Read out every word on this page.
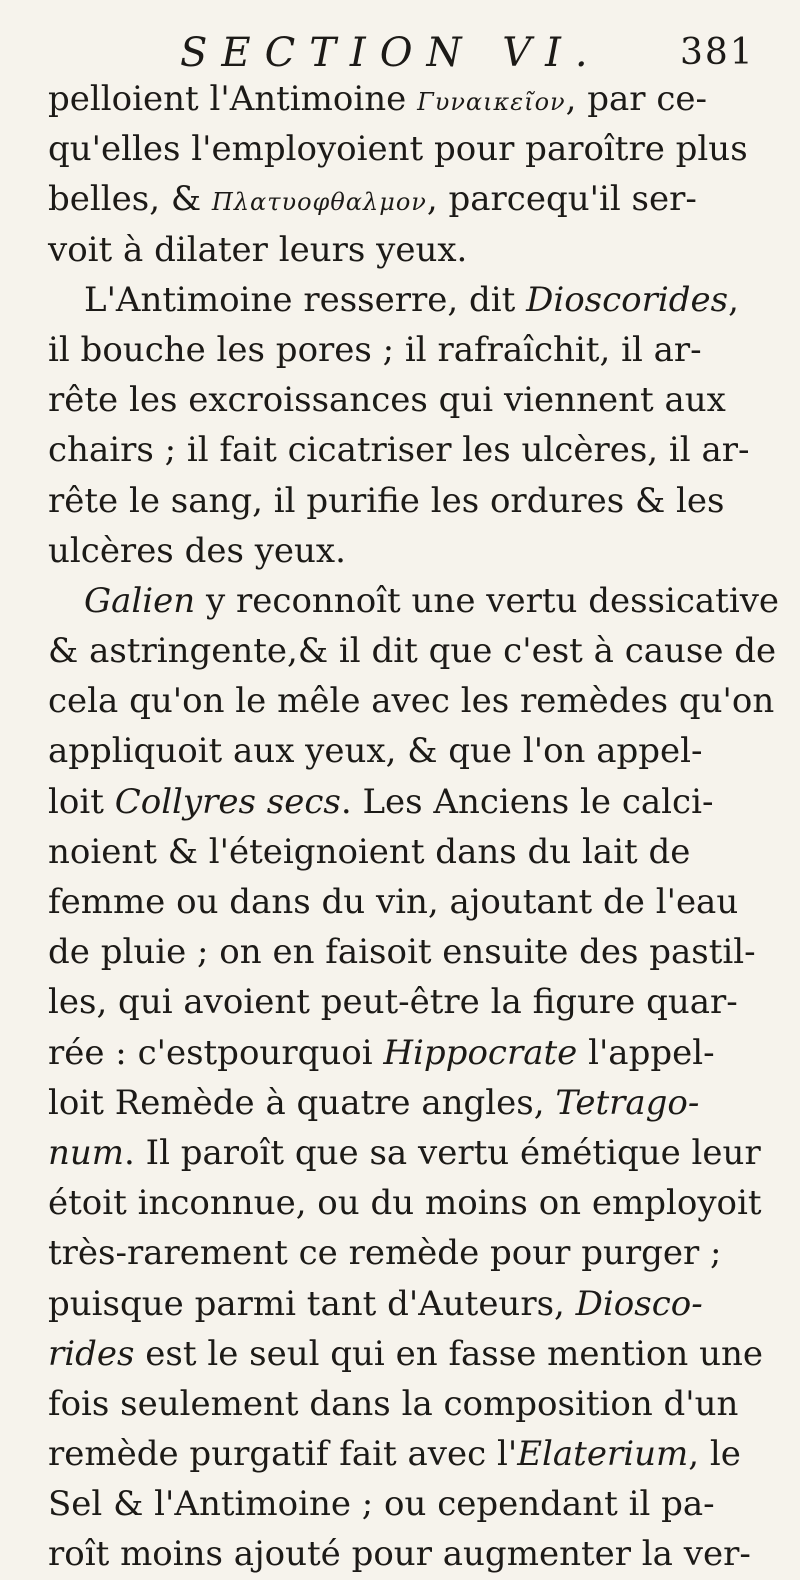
SECTION VI. 381
pelloient l'Antimoine Γυναικεῖον, par ce-
qu'elles l'employoient pour paroître plus
belles, & Πλατυοφθαλμον, parcequ'il ser-
voit à dilater leurs yeux.
L'Antimoine resserre, dit Dioscorides,
il bouche les pores ; il rafraîchit, il ar-
rête les excroissances qui viennent aux
chairs ; il fait cicatriser les ulcères, il ar-
rête le sang, il purifie les ordures & les
ulcères des yeux.
Galien y reconnoît une vertu dessicative
& astringente,& il dit que c'est à cause de
cela qu'on le mêle avec les remèdes qu'on
appliquoit aux yeux, & que l'on appel-
loit Collyres secs. Les Anciens le calci-
noient & l'éteignoient dans du lait de
femme ou dans du vin, ajoutant de l'eau
de pluie ; on en faisoit ensuite des pastil-
les, qui avoient peut-être la figure quar-
rée : c'estpourquoi Hippocrate l'appel-
loit Remède à quatre angles, Tetrago-
num. Il paroît que sa vertu émétique leur
étoit inconnue, ou du moins on employoit
très-rarement ce remède pour purger ;
puisque parmi tant d'Auteurs, Diosco-
rides est le seul qui en fasse mention une
fois seulement dans la composition d'un
remède purgatif fait avec l'Elaterium, le
Sel & l'Antimoine ; ou cependant il pa-
roît moins ajouté pour augmenter la ver-
